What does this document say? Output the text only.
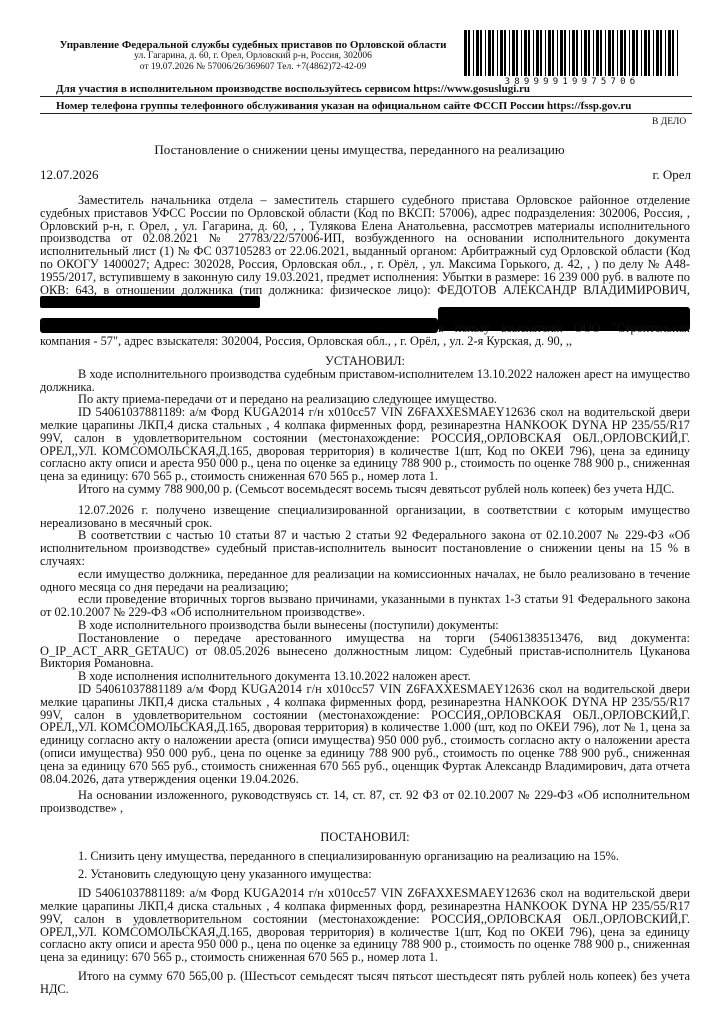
Управление Федеральной службы судебных приставов по Орловской области
ул. Гагарина, д. 60, г. Орел, Орловский р-н, Россия, 302006
от 19.07.2026 № 57006/26/369607 Тел. +7(4862)72-42-09
3899991997570б
Для участия в исполнительном производстве воспользуйтесь сервисом https://www.gosuslugi.ru
Номер телефона группы телефонного обслуживания указан на официальном сайте ФССП России https://fssp.gov.ru
В ДЕЛО
Постановление о снижении цены имущества, переданного на реализацию
12.07.2026	г. Орел

Заместитель начальника отдела – заместитель старшего судебного пристава Орловское районное отделение судебных приставов УФСС России по Орловской области (Код по ВКСП: 57006), адрес подразделения: 302006, Россия, , Орловский р-н, г. Орел, , ул. Гагарина, д. 60, , , Тулякова Елена Анатольевна, рассмотрев материалы исполнительного производства от 02.08.2021 № 27783/22/57006-ИП, возбужденного на основании исполнительного документа исполнительный лист (1) № ФС 037105283 от 22.06.2021, выданный органом: Арбитражный суд Орловской области (Код по ОКОГУ 1400027; Адрес: 302028, Россия, Орловская обл., , г. Орёл, , ул. Максима Горького, д. 42, , ) по делу № А48-1955/2017, вступившему в законную силу 19.03.2021, предмет исполнения: Убытки в размере: 16 239 000 руб. в валюте по ОКВ: 643, в отношении должника (тип должника: физическое лицо): ФЕДОТОВ АЛЕКСАНДР ВЛАДИМИРОВИЧ,

в пользу взыскателя: ООО "Строительная компания - 57", адрес взыскателя: 302004, Россия, Орловская обл., , г. Орёл, , ул. 2-я Курская, д. 90, ,,

УСТАНОВИЛ:

В ходе исполнительного производства судебным приставом-исполнителем 13.10.2022 наложен арест на имущество должника.

По акту приема-передачи от и передано на реализацию следующее имущество.

ID 54061037881189: а/м Форд KUGA2014 г/н х010сс57 VIN Z6FAXXESMAEY12636 скол на водительской двери мелкие царапины ЛКП,4 диска стальных , 4 колпака фирменных форд, резинарезтна HANKOOK DYNA HP 235/55/R17 99V, салон в удовлетворительном состоянии (местонахождение: РОССИЯ,,ОРЛОВСКАЯ ОБЛ.,ОРЛОВСКИЙ,Г. ОРЕЛ,,УЛ. КОМСОМОЛЬСКАЯ,Д.165, дворовая территория) в количестве 1(шт, Код по ОКЕИ 796), цена за единицу согласно акту описи и ареста 950 000 р., цена по оценке за единицу 788 900 р., стоимость по оценке 788 900 р., сниженная цена за единицу: 670 565 р., стоимость сниженная 670 565 р., номер лота 1.

Итого на сумму 788 900,00 р. (Семьсот восемьдесят восемь тысяч девятьсот рублей ноль копеек) без учета НДС.

12.07.2026 г. получено извещение специализированной организации, в соответствии с которым имущество нереализовано в месячный срок.

В соответствии с частью 10 статьи 87 и частью 2 статьи 92 Федерального закона от 02.10.2007 № 229-ФЗ «Об исполнительном производстве» судебный пристав-исполнитель выносит постановление о снижении цены на 15 % в случаях:

если имущество должника, переданное для реализации на комиссионных началах, не было реализовано в течение одного месяца со дня передачи на реализацию;

если проведение вторичных торгов вызвано причинами, указанными в пунктах 1-3 статьи 91 Федерального закона от 02.10.2007 № 229-ФЗ «Об исполнительном производстве».

В ходе исполнительного производства были вынесены (поступили) документы:

Постановление о передаче арестованного имущества на торги (54061383513476, вид документа: O_IP_ACT_ARR_GETAUC) от 08.05.2026 вынесено должностным лицом: Судебный пристав-исполнитель Цуканова Виктория Романовна.

В ходе исполнения исполнительного документа 13.10.2022 наложен арест.

ID 54061037881189 а/м Форд KUGA2014 г/н х010сс57 VIN Z6FAXXESMAEY12636 скол на водительской двери мелкие царапины ЛКП,4 диска стальных , 4 колпака фирменных форд, резинарезтна HANKOOK DYNA HP 235/55/R17 99V, салон в удовлетворительном состоянии (местонахождение: РОССИЯ,,ОРЛОВСКАЯ ОБЛ.,ОРЛОВСКИЙ,Г. ОРЕЛ,,УЛ. КОМСОМОЛЬСКАЯ,Д.165, дворовая территория) в количестве 1.000 (шт, код по ОКЕИ 796), лот № 1, цена за единицу согласно акту о наложении ареста (описи имущества) 950 000 руб., стоимость согласно акту о наложении ареста (описи имущества) 950 000 руб., цена по оценке за единицу 788 900 руб., стоимость по оценке 788 900 руб., сниженная цена за единицу 670 565 руб., стоимость сниженная 670 565 руб., оценщик Фуртак Александр Владимирович, дата отчета 08.04.2026, дата утверждения оценки 19.04.2026.

На основании изложенного, руководствуясь ст. 14, ст. 87, ст. 92 ФЗ от 02.10.2007 № 229-ФЗ «Об исполнительном производстве» ,

ПОСТАНОВИЛ:

1. Снизить цену имущества, переданного в специализированную организацию на реализацию на 15%.

2. Установить следующую цену указанного имущества:

ID 54061037881189: а/м Форд KUGA2014 г/н х010сс57 VIN Z6FAXXESMAEY12636 скол на водительской двери мелкие царапины ЛКП,4 диска стальных , 4 колпака фирменных форд, резинарезтна HANKOOK DYNA HP 235/55/R17 99V, салон в удовлетворительном состоянии (местонахождение: РОССИЯ,,ОРЛОВСКАЯ ОБЛ.,ОРЛОВСКИЙ,Г. ОРЕЛ,,УЛ. КОМСОМОЛЬСКАЯ,Д.165, дворовая территория) в количестве 1(шт, Код по ОКЕИ 796), цена за единицу согласно акту описи и ареста 950 000 р., цена по оценке за единицу 788 900 р., стоимость по оценке 788 900 р., сниженная цена за единицу: 670 565 р., стоимость сниженная 670 565 р., номер лота 1.

Итого на сумму 670 565,00 р. (Шестьсот семьдесят тысяч пятьсот шестьдесят пять рублей ноль копеек) без учета НДС.
